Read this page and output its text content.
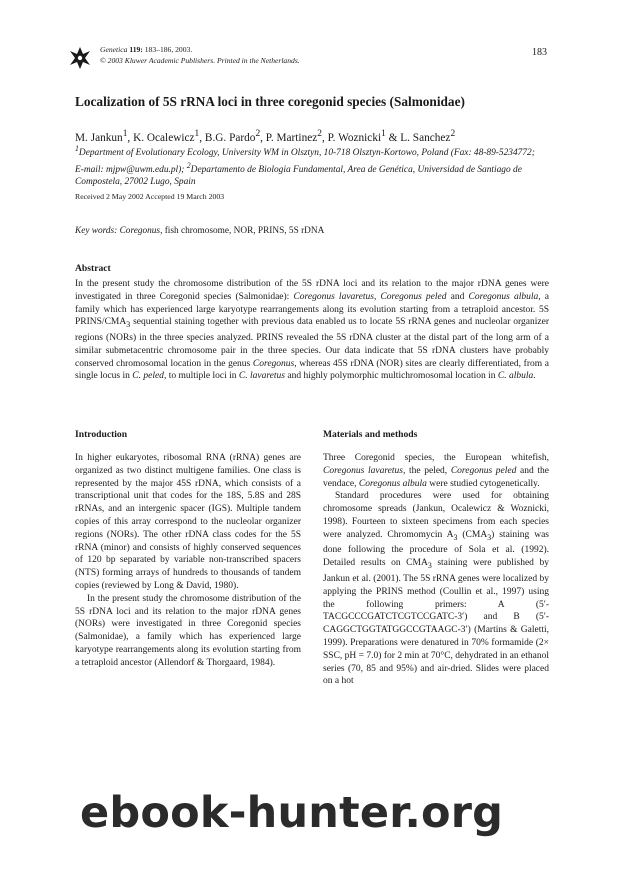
Genetica 119: 183–186, 2003.
© 2003 Kluwer Academic Publishers. Printed in the Netherlands.
183
Localization of 5S rRNA loci in three coregonid species (Salmonidae)
M. Jankun$^1$, K. Ocalewicz$^1$, B.G. Pardo$^2$, P. Martinez$^2$, P. Woznicki$^1$ & L. Sanchez$^2$
$^1$Department of Evolutionary Ecology, University WM in Olsztyn, 10-718 Olsztyn-Kortowo, Poland (Fax: 48-89-5234772; E-mail: mjpw@uwm.edu.pl); $^2$Departamento de Biologia Fundamental, Area de Genética, Universidad de Santiago de Compostela, 27002 Lugo, Spain
Received 2 May 2002 Accepted 19 March 2003
Key words: Coregonus, fish chromosome, NOR, PRINS, 5S rDNA
Abstract
In the present study the chromosome distribution of the 5S rDNA loci and its relation to the major rDNA genes were investigated in three Coregonid species (Salmonidae): Coregonus lavaretus, Coregonus peled and Coregonus albula, a family which has experienced large karyotype rearrangements along its evolution starting from a tetraploid ancestor. 5S PRINS/$CMA_3$ sequential staining together with previous data enabled us to locate 5S rRNA genes and nucleolar organizer regions (NORs) in the three species analyzed. PRINS revealed the 5S rDNA cluster at the distal part of the long arm of a similar submetacentric chromosome pair in the three species. Our data indicate that 5S rDNA clusters have probably conserved chromosomal location in the genus Coregonus, whereas 45S rDNA (NOR) sites are clearly differentiated, from a single locus in C. peled, to multiple loci in C. lavaretus and highly polymorphic multichromosomal location in C. albula.
Introduction	Materials and methods

In higher eukaryotes, ribosomal RNA (rRNA) genes are organized as two distinct multigene families. One class is represented by the major 45S rDNA, which consists of a transcriptional unit that codes for the 18S, 5.8S and 28S rRNAs, and an intergenic spacer (IGS). Multiple tandem copies of this array correspond to the nucleolar organizer regions (NORs). The other rDNA class codes for the 5S rRNA (minor) and consists of highly conserved sequences of 120 bp separated by variable non-transcribed spacers (NTS) forming arrays of hundreds to thousands of tandem copies (reviewed by Long & David, 1980).

In the present study the chromosome distribution of the 5S rDNA loci and its relation to the major rDNA genes (NORs) were investigated in three Coregonid species (Salmonidae), a family which has experienced large karyotype rearrangements along its evolution starting from a tetraploid ancestor (Allendorf & Thorgaard, 1984).

Three Coregonid species, the European whitefish, Coregonus lavaretus, the peled, Coregonus peled and the vendace, Coregonus albula were studied cytogenetically.

Standard procedures were used for obtaining chromosome spreads (Jankun, Ocalewicz & Woznicki, 1998). Fourteen to sixteen specimens from each species were analyzed. Chromomycin $A_3$ $(CMA_3)$ staining was done following the procedure of Sola et al. (1992). Detailed results on $CMA_3$ staining were published by Jankun et al. (2001). The 5S rRNA genes were localized by applying the PRINS method (Coullin et al., 1997) using the following primers: A (5′-TACGCCCGATCTCGTCCGATC-3′) and B (5′-CAGGCTGGTATGGCCGTAAGC-3′) (Martins & Galetti, 1999). Preparations were denatured in 70% formamide (2× SSC, pH = 7.0) for 2 min at 70°C, dehydrated in an ethanol series (70, 85 and 95%) and air-dried. Slides were placed on a hot

ebook-hunter.org
